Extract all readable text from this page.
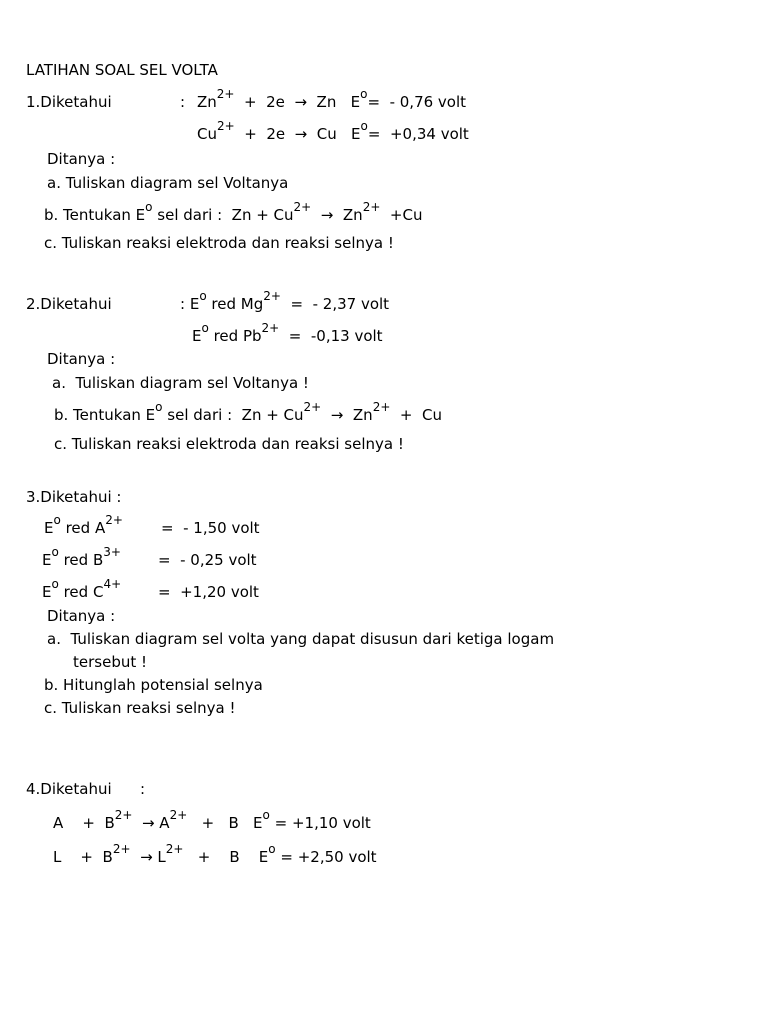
LATIHAN SOAL SEL VOLTA
1.Diketahui	: $Zn^{2+} + 2e \to Zn$   $E^o= - 0,76$ volt
$Cu^{2+} + 2e \to Cu$   $E^o= +0,34$ volt
Ditanya :
a. Tuliskan diagram sel Voltanya
b. Tentukan $E^o$ sel dari :  $Zn + Cu^{2+} \to Zn^{2+} +Cu$
c. Tuliskan reaksi elektroda dan reaksi selnya !
2.Diketahui	: $E^o$ red $Mg^{2+}$  =  - 2,37 volt
$E^o$ red $Pb^{2+} = -0,13$ volt
Ditanya :
a.  Tuliskan diagram sel Voltanya !
b. Tentukan $E^o$ sel dari :  $Zn + Cu^{2+} \to Zn^{2+} + Cu$
c. Tuliskan reaksi elektroda dan reaksi selnya !
3.Diketahui :
$E^o$ red $A^{2+}$	=  - 1,50 volt
$E^o$ red $B^{3+}$ =  - 0,25 volt
$E^o$ red $C^{4+} = +1,20$ volt
Ditanya :
a.  Tuliskan diagram sel volta yang dapat disusun dari ketiga logam
tersebut !
b. Hitunglah potensial selnya
c. Tuliskan reaksi selnya !
4.Diketahui :
A    +  $B^{2+} \to A^{2+} + B$   $E^o = +1,10$ volt
L    +  $B^{2+} \to L^{2+}$   +    B    $E^o = +2,50$ volt
